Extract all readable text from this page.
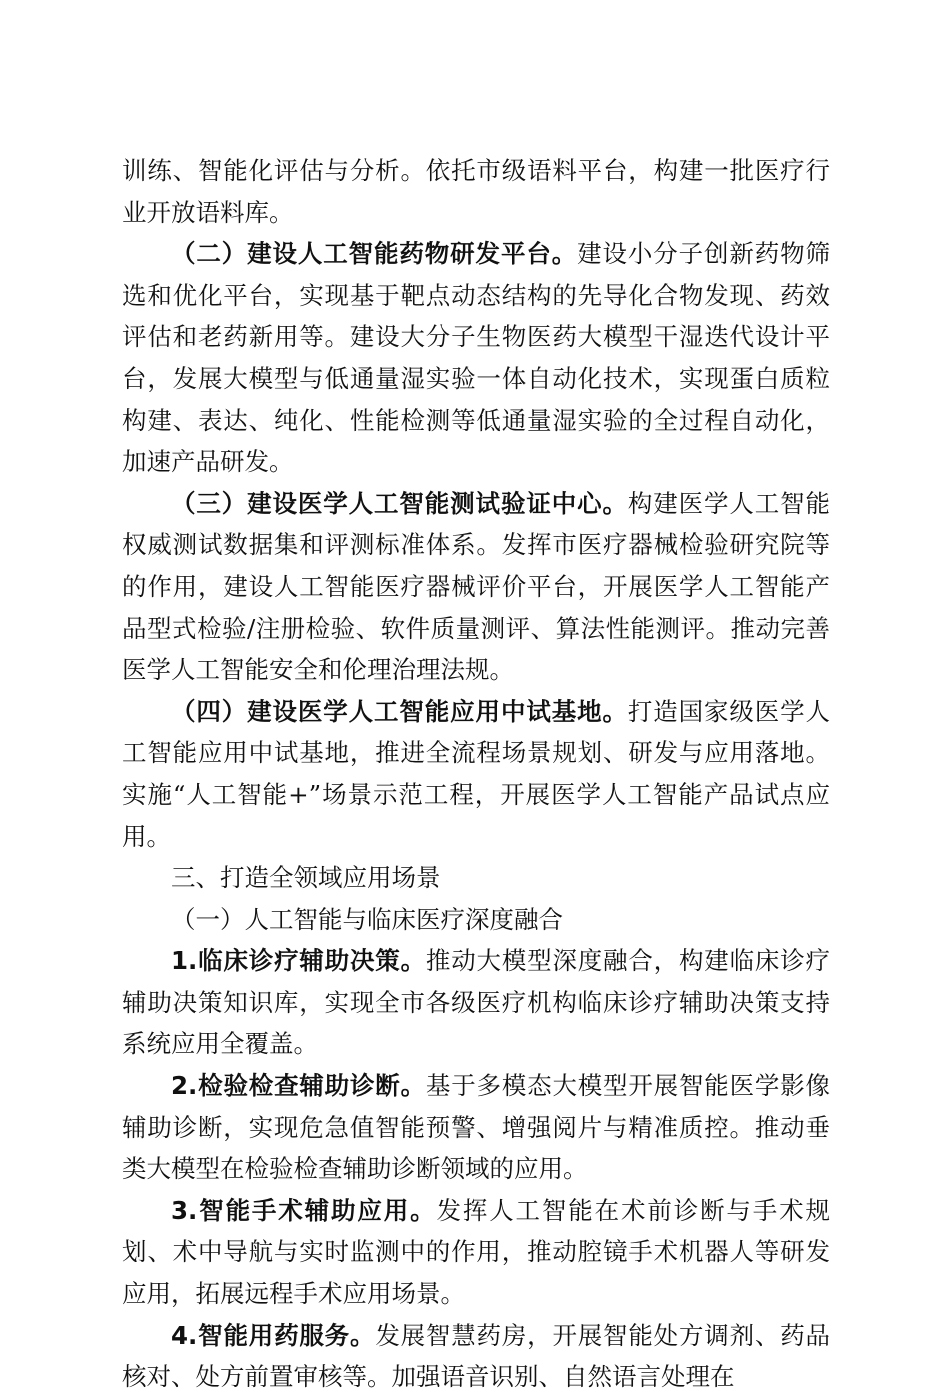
训练、智能化评估与分析。依托市级语料平台，构建一批医疗行业开放语料库。

（二）建设人工智能药物研发平台。建设小分子创新药物筛选和优化平台，实现基于靶点动态结构的先导化合物发现、药效评估和老药新用等。建设大分子生物医药大模型干湿迭代设计平台，发展大模型与低通量湿实验一体自动化技术，实现蛋白质粒构建、表达、纯化、性能检测等低通量湿实验的全过程自动化，加速产品研发。

（三）建设医学人工智能测试验证中心。构建医学人工智能权威测试数据集和评测标准体系。发挥市医疗器械检验研究院等的作用，建设人工智能医疗器械评价平台，开展医学人工智能产品型式检验/注册检验、软件质量测评、算法性能测评。推动完善医学人工智能安全和伦理治理法规。

（四）建设医学人工智能应用中试基地。打造国家级医学人工智能应用中试基地，推进全流程场景规划、研发与应用落地。实施“人工智能+”场景示范工程，开展医学人工智能产品试点应用。

三、打造全领域应用场景

（一）人工智能与临床医疗深度融合

1.临床诊疗辅助决策。推动大模型深度融合，构建临床诊疗辅助决策知识库，实现全市各级医疗机构临床诊疗辅助决策支持系统应用全覆盖。

2.检验检查辅助诊断。基于多模态大模型开展智能医学影像辅助诊断，实现危急值智能预警、增强阅片与精准质控。推动垂类大模型在检验检查辅助诊断领域的应用。

3.智能手术辅助应用。发挥人工智能在术前诊断与手术规划、术中导航与实时监测中的作用，推动腔镜手术机器人等研发应用，拓展远程手术应用场景。

4.智能用药服务。发展智慧药房，开展智能处方调剂、药品核对、处方前置审核等。加强语音识别、自然语言处理在
